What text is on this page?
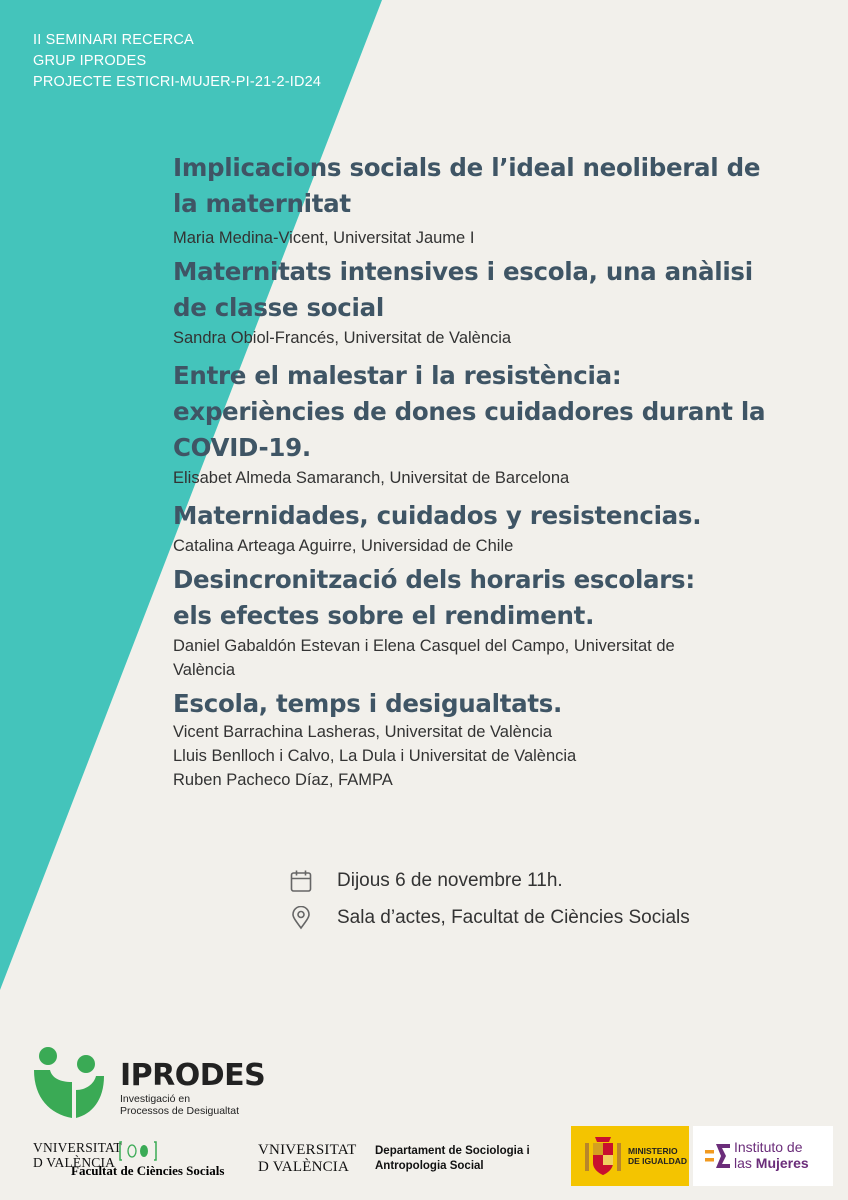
II SEMINARI RECERCA
GRUP IPRODES
PROJECTE ESTICRI-MUJER-PI-21-2-ID24
Implicacions socials de l’ideal neoliberal de
la maternitat
Maria Medina-Vicent, Universitat Jaume I
Maternitats intensives i escola, una anàlisi
de classe social
Sandra Obiol-Francés, Universitat de València
Entre el malestar i la resistència:
experiències de dones cuidadores durant la
COVID-19.
Elisabet Almeda Samaranch, Universitat de Barcelona
Maternidades, cuidados y resistencias.
Catalina Arteaga Aguirre, Universidad de Chile
Desincronització dels horaris escolars:
els efectes sobre el rendiment.
Daniel Gabaldón Estevan i Elena Casquel del Campo, Universitat de
València
Escola, temps i desigualtats.
Vicent Barrachina Lasheras, Universitat de València
Lluis Benlloch i Calvo, La Dula i Universitat de València
Ruben Pacheco Díaz, FAMPA
Dijous 6 de novembre 11h.
Sala d’actes, Facultat de Ciències Socials
IPRODES
Investigació en
Processos de Desigualtat
VNIVERSITAT
D VALÈNCIA
Facultat de Ciències Socials
VNIVERSITAT
D VALÈNCIA
Departament de Sociologia i
Antropologia Social
MINISTERIO
DE IGUALDAD
Instituto de
las Mujeres
